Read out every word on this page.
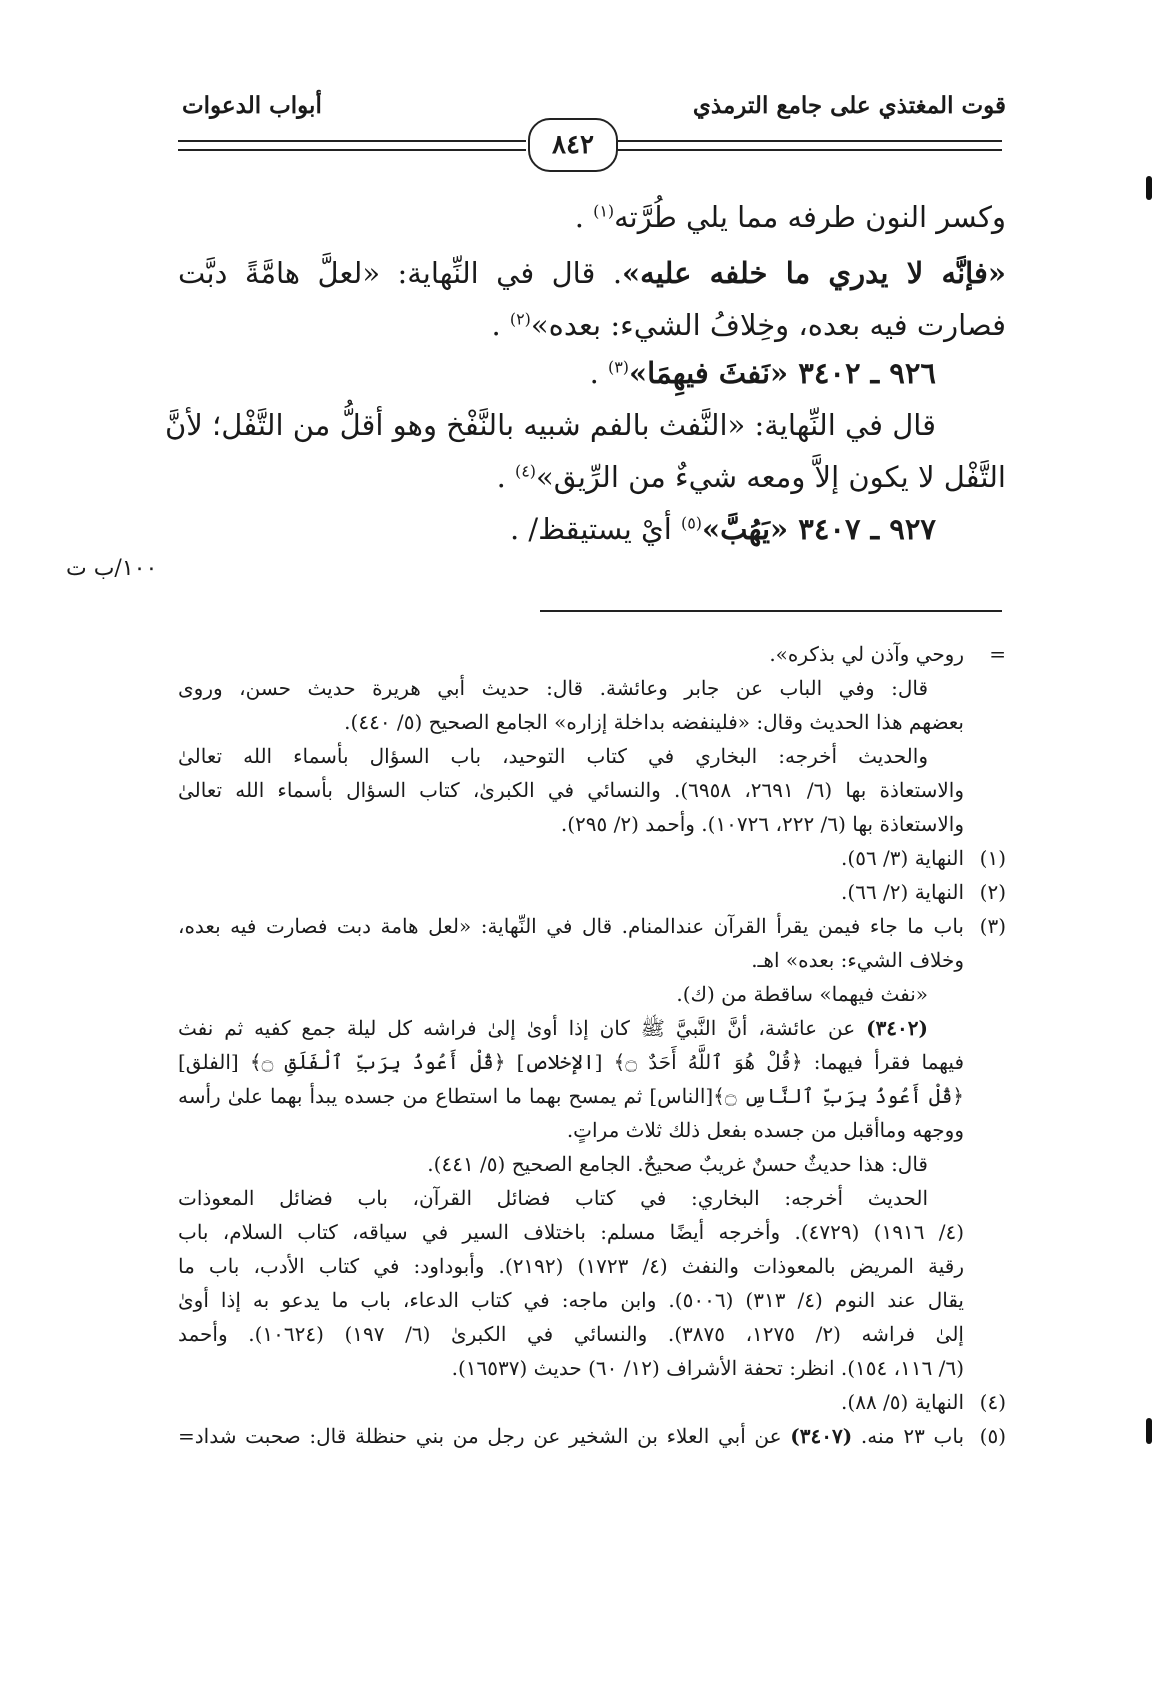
قوت المغتذي على جامع الترمذي
أبواب الدعوات
٨٤٢
وكسر النون طرفه مما يلي طُرَّته$^{(١)}$ .
«فإنَّه لا يدري ما خلفه عليه». قال في النِّهاية: «لعلَّ هامَّةً دبَّت
فصارت فيه بعده، وخِلافُ الشيء: بعده»$^{(٢)}$ .
٩٢٦ ـ ٣٤٠٢ «نَفثَ فيهِمَا»$^{(٣)}$ .
قال في النِّهاية: «النَّفث بالفم شبيه بالنَّفْخ وهو أقلُّ من التَّفْل؛ لأنَّ
التَّفْل لا يكون إلاَّ ومعه شيءٌ من الرِّيق»$^{(٤)}$ .
٩٢٧ ـ ٣٤٠٧ «يَهُبَّ»$^{(٥)}$ أيْ يستيقظ/ .
١٠٠/ب ت
=
روحي وآذن لي بذكره».
قال: وفي الباب عن جابر وعائشة. قال: حديث أبي هريرة حديث حسن، وروى
بعضهم هذا الحديث وقال: «فلينفضه بداخلة إزاره» الجامع الصحيح (٥/ ٤٤٠).
والحديث أخرجه: البخاري في كتاب التوحيد، باب السؤال بأسماء الله تعالىٰ
والاستعاذة بها (٦/ ٢٦٩١، ٦٩٥٨). والنسائي في الكبرىٰ، كتاب السؤال بأسماء الله تعالىٰ
والاستعاذة بها (٦/ ٢٢٢، ١٠٧٢٦). وأحمد (٢/ ٢٩٥).
(١)
النهاية (٣/ ٥٦).
(٢)
النهاية (٢/ ٦٦).
(٣)
باب ما جاء فيمن يقرأ القرآن عندالمنام. قال في النِّهاية: «لعل هامة دبت فصارت فيه بعده،
وخلاف الشيء: بعده» اهـ.
«نفث فيهما» ساقطة من (ك).
(٣٤٠٢) عن عائشة، أنَّ النَّبيَّ ﷺ كان إذا أوىٰ إلىٰ فراشه كل ليلة جمع كفيه ثم نفث
فيهما فقرأ فيهما: ﴿قُلْ هُوَ ٱللَّهُ أَحَدٌ ۝﴾ [الإخلاص] ﴿قُلْ أَعُوذُ بِرَبِّ ٱلْفَلَقِ ۝﴾ [الفلق]
﴿قُلْ أَعُوذُ بِرَبِّ ٱلنَّاسِ ۝﴾[الناس] ثم يمسح بهما ما استطاع من جسده يبدأ بهما علىٰ رأسه
ووجهه وماأقبل من جسده بفعل ذلك ثلاث مراتٍ.
قال: هذا حديثٌ حسنٌ غريبٌ صحيحٌ. الجامع الصحيح (٥/ ٤٤١).
الحديث أخرجه: البخاري: في كتاب فضائل القرآن، باب فضائل المعوذات
(٤/ ١٩١٦) (٤٧٢٩). وأخرجه أيضًا مسلم: باختلاف السير في سياقه، كتاب السلام، باب
رقية المريض بالمعوذات والنفث (٤/ ١٧٢٣) (٢١٩٢). وأبوداود: في كتاب الأدب، باب ما
يقال عند النوم (٤/ ٣١٣) (٥٠٠٦). وابن ماجه: في كتاب الدعاء، باب ما يدعو به إذا أوىٰ
إلىٰ فراشه (٢/ ١٢٧٥، ٣٨٧٥). والنسائي في الكبرىٰ (٦/ ١٩٧) (١٠٦٢٤). وأحمد
(٦/ ١١٦، ١٥٤). انظر: تحفة الأشراف (١٢/ ٦٠) حديث (١٦٥٣٧).
(٤)
النهاية (٥/ ٨٨).
(٥)
باب ٢٣ منه. (٣٤٠٧) عن أبي العلاء بن الشخير عن رجل من بني حنظلة قال: صحبت شداد=
